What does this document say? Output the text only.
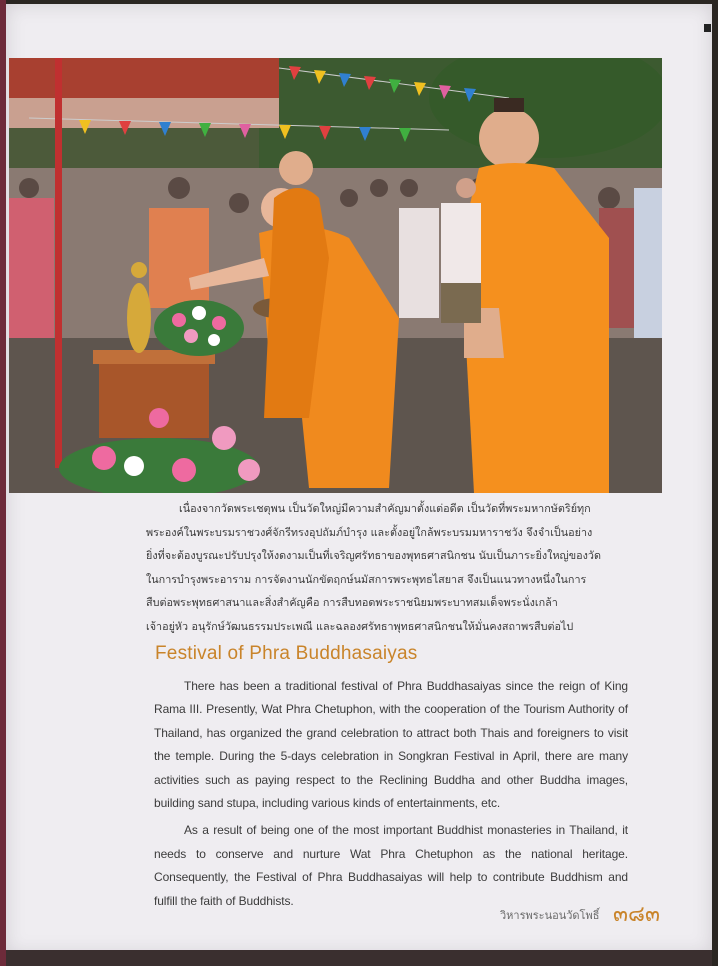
เนื่องจากวัดพระเชตุพน เป็นวัดใหญ่มีความสำคัญมาตั้งแต่อดีต เป็นวัดที่พระมหากษัตริย์ทุก

พระองค์ในพระบรมราชวงศ์จักรีทรงอุปถัมภ์บำรุง และตั้งอยู่ใกล้พระบรมมหาราชวัง จึงจำเป็นอย่าง

ยิ่งที่จะต้องบูรณะปรับปรุงให้งดงามเป็นที่เจริญศรัทธาของพุทธศาสนิกชน นับเป็นภาระยิ่งใหญ่ของวัด

ในการบำรุงพระอาราม การจัดงานนักขัตฤกษ์นมัสการพระพุทธไสยาส จึงเป็นแนวทางหนึ่งในการ

สืบต่อพระพุทธศาสนาและสิ่งสำคัญคือ การสืบทอดพระราชนิยมพระบาทสมเด็จพระนั่งเกล้า

เจ้าอยู่หัว อนุรักษ์วัฒนธรรมประเพณี และฉลองศรัทธาพุทธศาสนิกชนให้มั่นคงสถาพรสืบต่อไป

Festival of Phra Buddhasaiyas

There has been a traditional festival of Phra Buddhasaiyas since the reign of King Rama III. Presently, Wat Phra Chetuphon, with the cooperation of the Tourism Authority of Thailand, has organized the grand celebration to attract both Thais and foreigners to visit the temple. During the 5-days celebration in Songkran Festival in April, there are many activities such as paying respect to the Reclining Buddha and other Buddha images, building sand stupa, including various kinds of entertainments, etc.

As a result of being one of the most important Buddhist monasteries in Thailand, it needs to conserve and nurture Wat Phra Chetuphon as the national heritage. Consequently, the Festival of Phra Buddhasaiyas will help to contribute Buddhism and fulfill the faith of Buddhists.

วิหารพระนอนวัดโพธิ์ ๓๘๓
